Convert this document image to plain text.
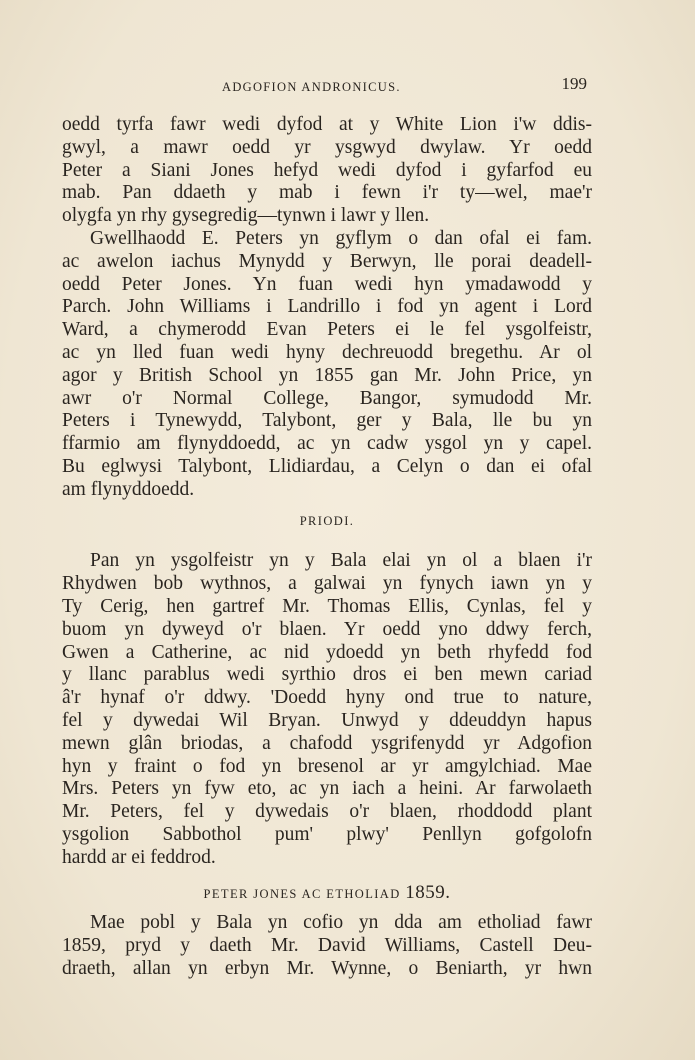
ADGOFION ANDRONICUS.	199
oedd tyrfa fawr wedi dyfod at y White Lion i'w ddis-
gwyl, a mawr oedd yr ysgwyd dwylaw. Yr oedd
Peter a Siani Jones hefyd wedi dyfod i gyfarfod eu
mab. Pan ddaeth y mab i fewn i'r ty—wel, mae'r
olygfa yn rhy gysegredig—tynwn i lawr y llen.
Gwellhaodd E. Peters yn gyflym o dan ofal ei fam.
ac awelon iachus Mynydd y Berwyn, lle porai deadell-
oedd Peter Jones. Yn fuan wedi hyn ymadawodd y
Parch. John Williams i Landrillo i fod yn agent i Lord
Ward, a chymerodd Evan Peters ei le fel ysgolfeistr,
ac yn lled fuan wedi hyny dechreuodd bregethu. Ar ol
agor y British School yn 1855 gan Mr. John Price, yn
awr o'r Normal College, Bangor, symudodd Mr.
Peters i Tynewydd, Talybont, ger y Bala, lle bu yn
ffarmio am flynyddoedd, ac yn cadw ysgol yn y capel.
Bu eglwysi Talybont, Llidiardau, a Celyn o dan ei ofal
am flynyddoedd.
PRIODI.
Pan yn ysgolfeistr yn y Bala elai yn ol a blaen i'r
Rhydwen bob wythnos, a galwai yn fynych iawn yn y
Ty Cerig, hen gartref Mr. Thomas Ellis, Cynlas, fel y
buom yn dyweyd o'r blaen. Yr oedd yno ddwy ferch,
Gwen a Catherine, ac nid ydoedd yn beth rhyfedd fod
y llanc parablus wedi syrthio dros ei ben mewn cariad
â'r hynaf o'r ddwy. 'Doedd hyny ond true to nature,
fel y dywedai Wil Bryan. Unwyd y ddeuddyn hapus
mewn glân briodas, a chafodd ysgrifenydd yr Adgofion
hyn y fraint o fod yn bresenol ar yr amgylchiad. Mae
Mrs. Peters yn fyw eto, ac yn iach a heini. Ar farwolaeth
Mr. Peters, fel y dywedais o'r blaen, rhoddodd plant
ysgolion Sabbothol pum' plwy' Penllyn gofgolofn
hardd ar ei feddrod.
PETER JONES AC ETHOLIAD 1859.
Mae pobl y Bala yn cofio yn dda am etholiad fawr
1859, pryd y daeth Mr. David Williams, Castell Deu-
draeth, allan yn erbyn Mr. Wynne, o Beniarth, yr hwn
